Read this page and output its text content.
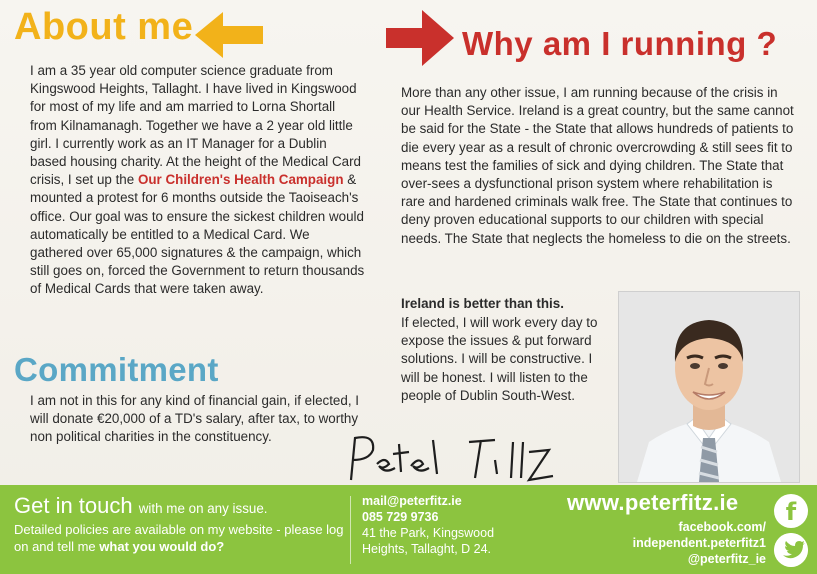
About me
I am a 35 year old computer science graduate from Kingswood Heights, Tallaght. I have lived in Kingswood for most of my life and am married to Lorna Shortall from Kilnamanagh. Together we have a 2 year old little girl. I currently work as an IT Manager for a Dublin based housing charity. At the height of the Medical Card crisis, I set up the Our Children's Health Campaign & mounted a protest for 6 months outside the Taoiseach's office. Our goal was to ensure the sickest children would automatically be entitled to a Medical Card. We gathered over 65,000 signatures & the campaign, which still goes on, forced the Government to return thousands of Medical Cards that were taken away.
Commitment
I am not in this for any kind of financial gain, if elected, I will donate €20,000 of a TD's salary, after tax, to worthy non political charities in the constituency.
Why am I running ?
More than any other issue, I am running because of the crisis in our Health Service. Ireland is a great country, but the same cannot be said for the State - the State that allows hundreds of patients to die every year as a result of chronic overcrowding & still sees fit to means test the families of sick and dying children. The State that over-sees a dysfunctional prison system where rehabilitation is rare and hardened criminals walk free. The State that continues to deny proven educational supports to our children with special needs. The State that neglects the homeless to die on the streets.
Ireland is better than this.
If elected, I will work every day to expose the issues & put forward solutions. I will be constructive. I will be honest. I will listen to the people of Dublin South-West.
Get in touch with me on any issue.
Detailed policies are available on my website - please log on and tell me what you would do?
mail@peterfitz.ie
085 729 9736
41 the Park, Kingswood
Heights, Tallaght, D 24.
www.peterfitz.ie
facebook.com/
independent.peterfitz1
@peterfitz_ie
f
